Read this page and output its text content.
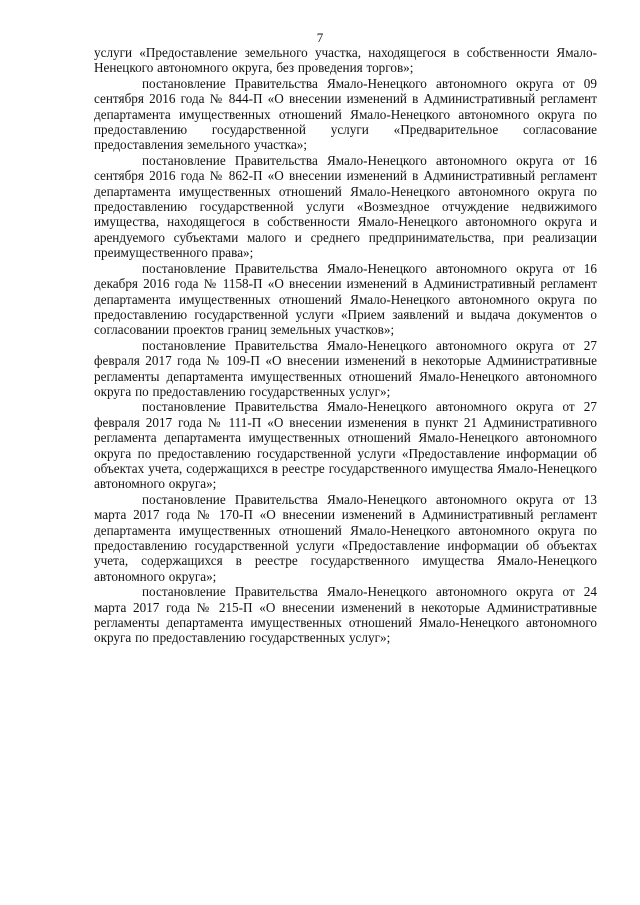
7

услуги «Предоставление земельного участка, находящегося в собственности Ямало-Ненецкого автономного округа, без проведения торгов»;

постановление Правительства Ямало-Ненецкого автономного округа от 09 сентября 2016 года № 844-П «О внесении изменений в Административный регламент департамента имущественных отношений Ямало-Ненецкого автономного округа по предоставлению государственной услуги «Предварительное согласование предоставления земельного участка»;

постановление Правительства Ямало-Ненецкого автономного округа от 16 сентября 2016 года № 862-П «О внесении изменений в Административный регламент департамента имущественных отношений Ямало-Ненецкого автономного округа по предоставлению государственной услуги «Возмездное отчуждение недвижимого имущества, находящегося в собственности Ямало-Ненецкого автономного округа и арендуемого субъектами малого и среднего предпринимательства, при реализации преимущественного права»;

постановление Правительства Ямало-Ненецкого автономного округа от 16 декабря 2016 года № 1158-П «О внесении изменений в Административный регламент департамента имущественных отношений Ямало-Ненецкого автономного округа по предоставлению государственной услуги «Прием заявлений и выдача документов о согласовании проектов границ земельных участков»;

постановление Правительства Ямало-Ненецкого автономного округа от 27 февраля 2017 года № 109-П «О внесении изменений в некоторые Административные регламенты департамента имущественных отношений Ямало-Ненецкого автономного округа по предоставлению государственных услуг»;

постановление Правительства Ямало-Ненецкого автономного округа от 27 февраля 2017 года № 111-П «О внесении изменения в пункт 21 Административного регламента департамента имущественных отношений Ямало-Ненецкого автономного округа по предоставлению государственной услуги «Предоставление информации об объектах учета, содержащихся в реестре государственного имущества Ямало-Ненецкого автономного округа»;

постановление Правительства Ямало-Ненецкого автономного округа от 13 марта 2017 года № 170-П «О внесении изменений в Административный регламент департамента имущественных отношений Ямало-Ненецкого автономного округа по предоставлению государственной услуги «Предоставление информации об объектах учета, содержащихся в реестре государственного имущества Ямало-Ненецкого автономного округа»;

постановление Правительства Ямало-Ненецкого автономного округа от 24 марта 2017 года № 215-П «О внесении изменений в некоторые Административные регламенты департамента имущественных отношений Ямало-Ненецкого автономного округа по предоставлению государственных услуг»;
